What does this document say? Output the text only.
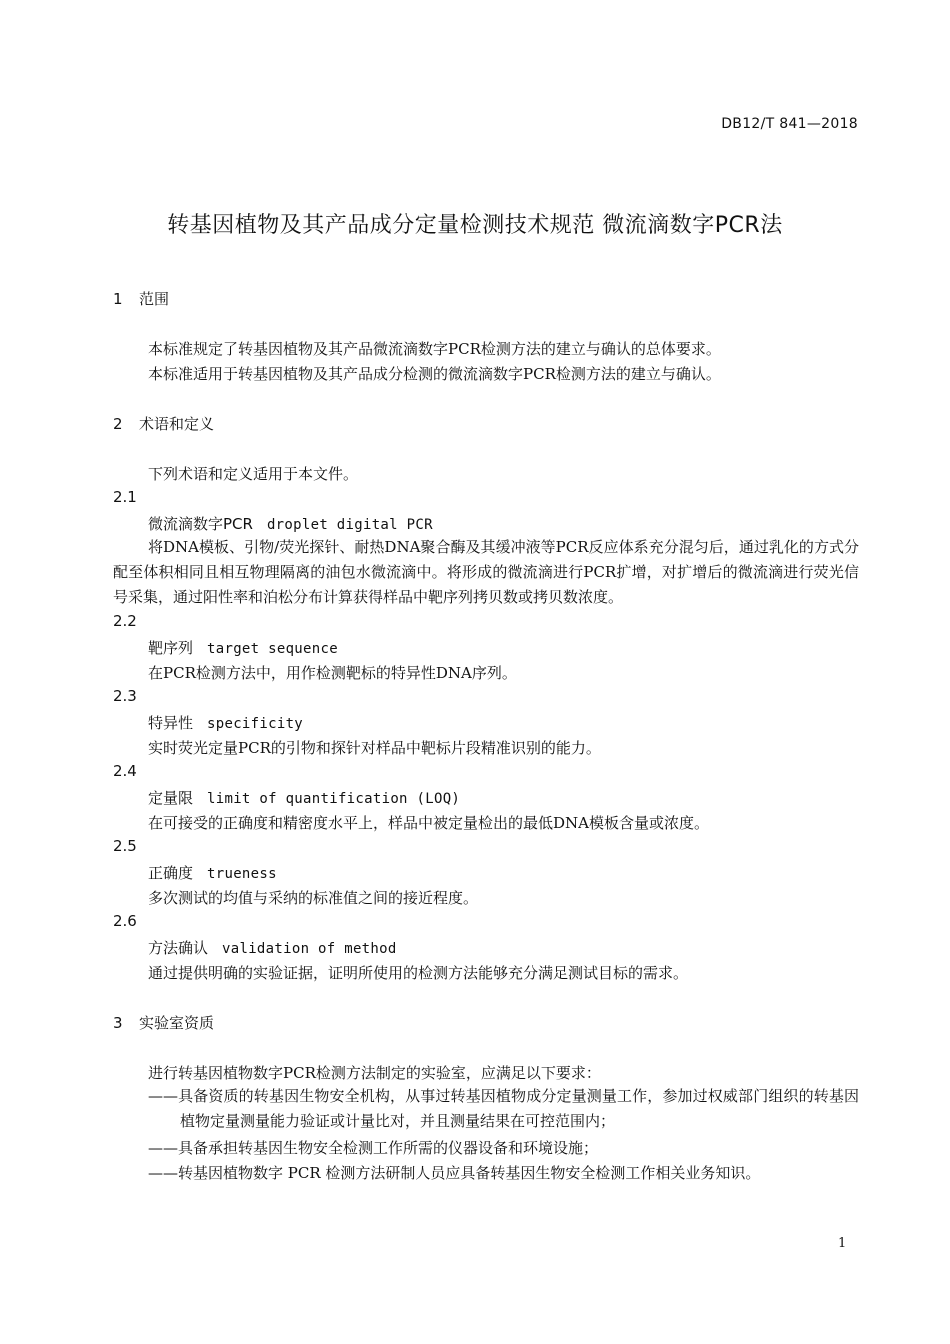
DB12/T 841—2018
转基因植物及其产品成分定量检测技术规范 微流滴数字PCR法
1 范围
本标准规定了转基因植物及其产品微流滴数字PCR检测方法的建立与确认的总体要求。
本标准适用于转基因植物及其产品成分检测的微流滴数字PCR检测方法的建立与确认。
2 术语和定义
下列术语和定义适用于本文件。
2.1
微流滴数字PCR droplet digital PCR
将DNA模板、引物/荧光探针、耐热DNA聚合酶及其缓冲液等PCR反应体系充分混匀后，通过乳化的方式分配至体积相同且相互物理隔离的油包水微流滴中。将形成的微流滴进行PCR扩增，对扩增后的微流滴进行荧光信号采集，通过阳性率和泊松分布计算获得样品中靶序列拷贝数或拷贝数浓度。
2.2
靶序列 target sequence
在PCR检测方法中，用作检测靶标的特异性DNA序列。
2.3
特异性 specificity
实时荧光定量PCR的引物和探针对样品中靶标片段精准识别的能力。
2.4
定量限 limit of quantification (LOQ)
在可接受的正确度和精密度水平上，样品中被定量检出的最低DNA模板含量或浓度。
2.5
正确度 trueness
多次测试的均值与采纳的标准值之间的接近程度。
2.6
方法确认 validation of method
通过提供明确的实验证据，证明所使用的检测方法能够充分满足测试目标的需求。
3 实验室资质
进行转基因植物数字PCR检测方法制定的实验室，应满足以下要求：
——具备资质的转基因生物安全机构，从事过转基因植物成分定量测量工作，参加过权威部门组织的转基因植物定量测量能力验证或计量比对，并且测量结果在可控范围内；
——具备承担转基因生物安全检测工作所需的仪器设备和环境设施；
——转基因植物数字 PCR 检测方法研制人员应具备转基因生物安全检测工作相关业务知识。
1
